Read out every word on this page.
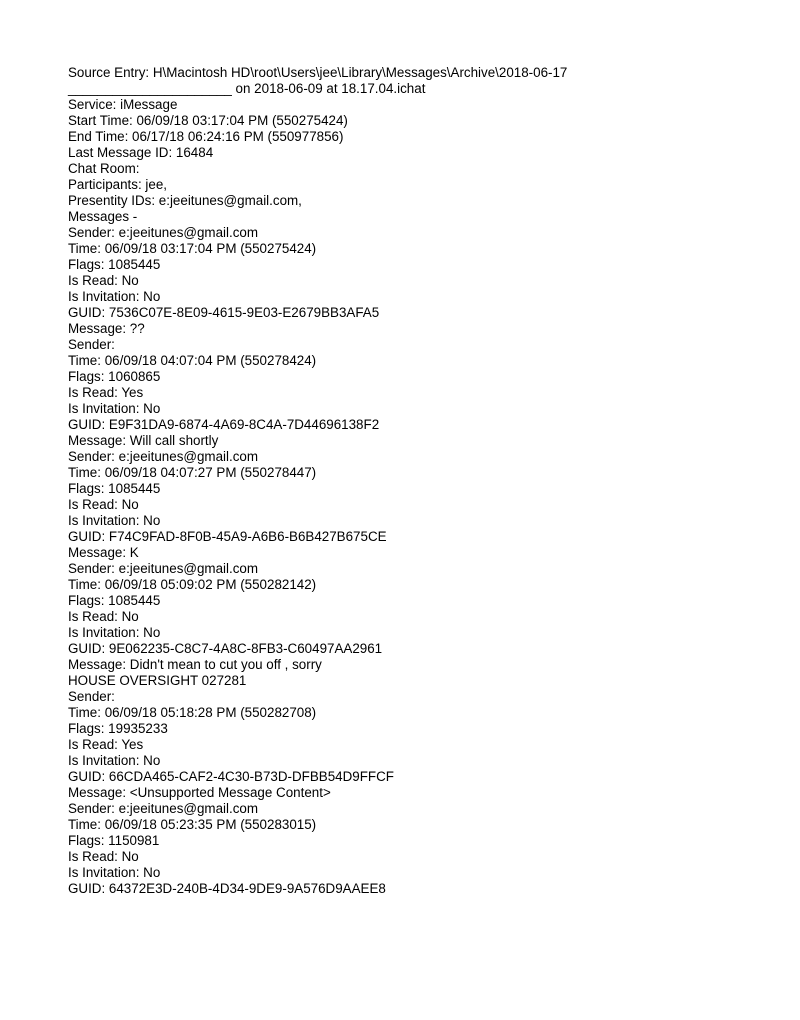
Source Entry: H\Macintosh HD\root\Users\jee\Library\Messages\Archive\2018-06-17
______________________ on 2018-06-09 at 18.17.04.ichat
Service: iMessage
Start Time: 06/09/18 03:17:04 PM (550275424)
End Time: 06/17/18 06:24:16 PM (550977856)
Last Message ID: 16484
Chat Room:
Participants: jee,
Presentity IDs: e:jeeitunes@gmail.com,
Messages -
Sender: e:jeeitunes@gmail.com
Time: 06/09/18 03:17:04 PM (550275424)
Flags: 1085445
Is Read: No
Is Invitation: No
GUID: 7536C07E-8E09-4615-9E03-E2679BB3AFA5
Message: ??
Sender:
Time: 06/09/18 04:07:04 PM (550278424)
Flags: 1060865
Is Read: Yes
Is Invitation: No
GUID: E9F31DA9-6874-4A69-8C4A-7D44696138F2
Message: Will call shortly
Sender: e:jeeitunes@gmail.com
Time: 06/09/18 04:07:27 PM (550278447)
Flags: 1085445
Is Read: No
Is Invitation: No
GUID: F74C9FAD-8F0B-45A9-A6B6-B6B427B675CE
Message: K
Sender: e:jeeitunes@gmail.com
Time: 06/09/18 05:09:02 PM (550282142)
Flags: 1085445
Is Read: No
Is Invitation: No
GUID: 9E062235-C8C7-4A8C-8FB3-C60497AA2961
Message: Didn't mean to cut you off , sorry
HOUSE OVERSIGHT 027281
Sender:
Time: 06/09/18 05:18:28 PM (550282708)
Flags: 19935233
Is Read: Yes
Is Invitation: No
GUID: 66CDA465-CAF2-4C30-B73D-DFBB54D9FFCF
Message: <Unsupported Message Content>
Sender: e:jeeitunes@gmail.com
Time: 06/09/18 05:23:35 PM (550283015)
Flags: 1150981
Is Read: No
Is Invitation: No
GUID: 64372E3D-240B-4D34-9DE9-9A576D9AAEE8
